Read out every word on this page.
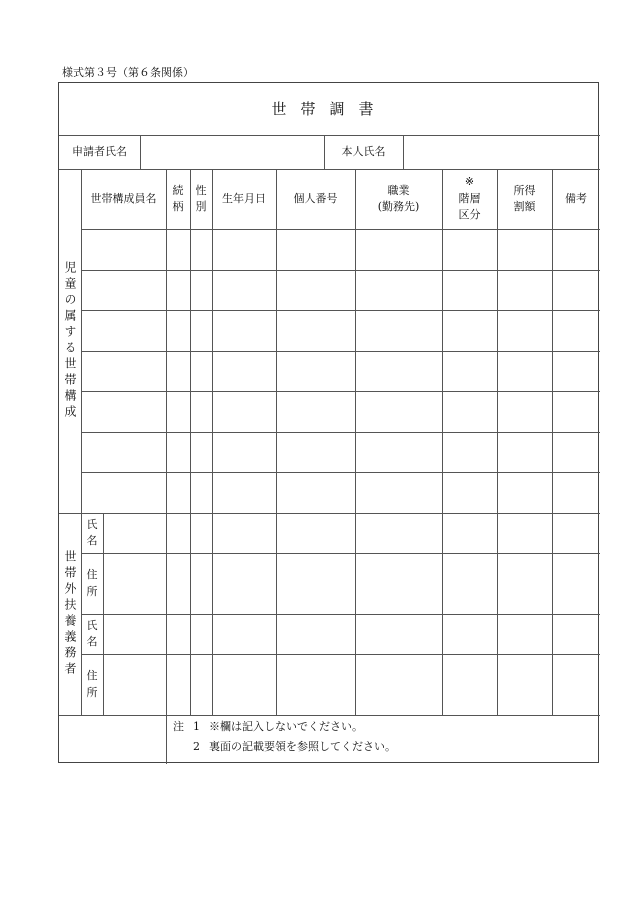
様式第３号（第６条関係）
世帯調書
申請者氏名	本人氏名
世帯構成員名
続
柄
性
別
生年月日	個人番号
職業
(勤務先)
※
階層
区分
所得
割額
備考
児童の属する世帯構成
世帯外扶養義務者
氏
名
住
所
氏
名
住
所
注 1 ※欄は記入しないでください。
2 裏面の記載要領を参照してください。
